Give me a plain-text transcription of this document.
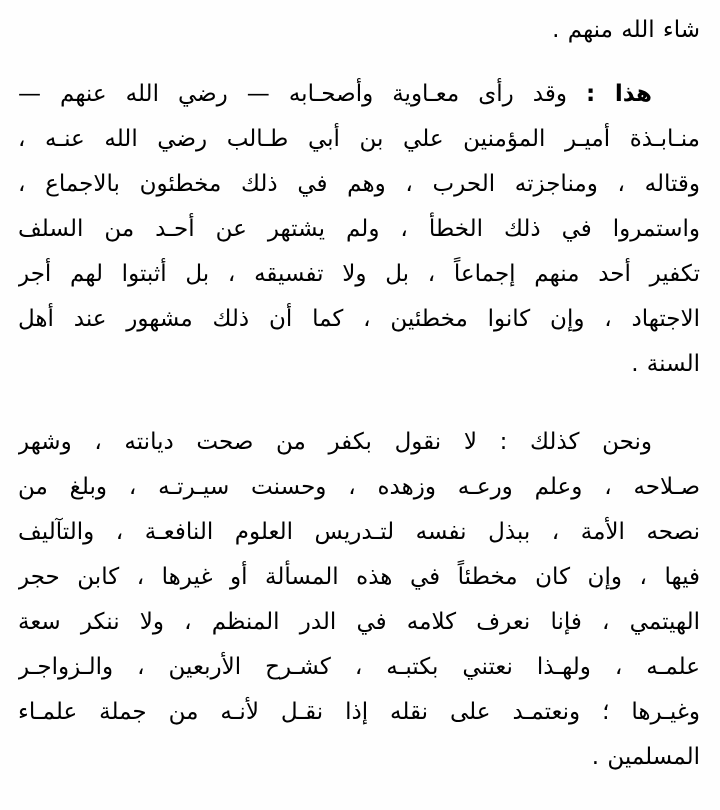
شاء الله منهم .
هذا : وقد رأى معـاوية وأصحـابه — رضي الله عنهم —
منـابـذة أميـر المؤمنين علي بن أبي طـالب رضي الله عنـه ،
وقتاله ، ومناجزته الحرب ، وهم في ذلك مخطئون بالاجماع ،
واستمروا في ذلك الخطأ ، ولم يشتهر عن أحـد من السلف
تكفير أحد منهم إجماعاً ، بل ولا تفسيقه ، بل أثبتوا لهم أجر
الاجتهاد ، وإن كانوا مخطئين ، كما أن ذلك مشهور عند أهل
السنة .
ونحن كذلك : لا نقول بكفر من صحت ديانته ، وشهر
صـلاحه ، وعلم ورعـه وزهده ، وحسنت سيـرتـه ، وبلغ من
نصحه الأمة ، ببذل نفسه لتـدريس العلوم النافعـة ، والتآليف
فيها ، وإن كان مخطئاً في هذه المسألة أو غيرها ، كابن حجر
الهيتمي ، فإنا نعرف كلامه في الدر المنظم ، ولا ننكر سعة
علمـه ، ولهـذا نعتني بكتبـه ، كشـرح الأربعين ، والـزواجـر
وغيـرها ؛ ونعتمـد على نقله إذا نقـل لأنـه من جملة علمـاء
المسلمين .
